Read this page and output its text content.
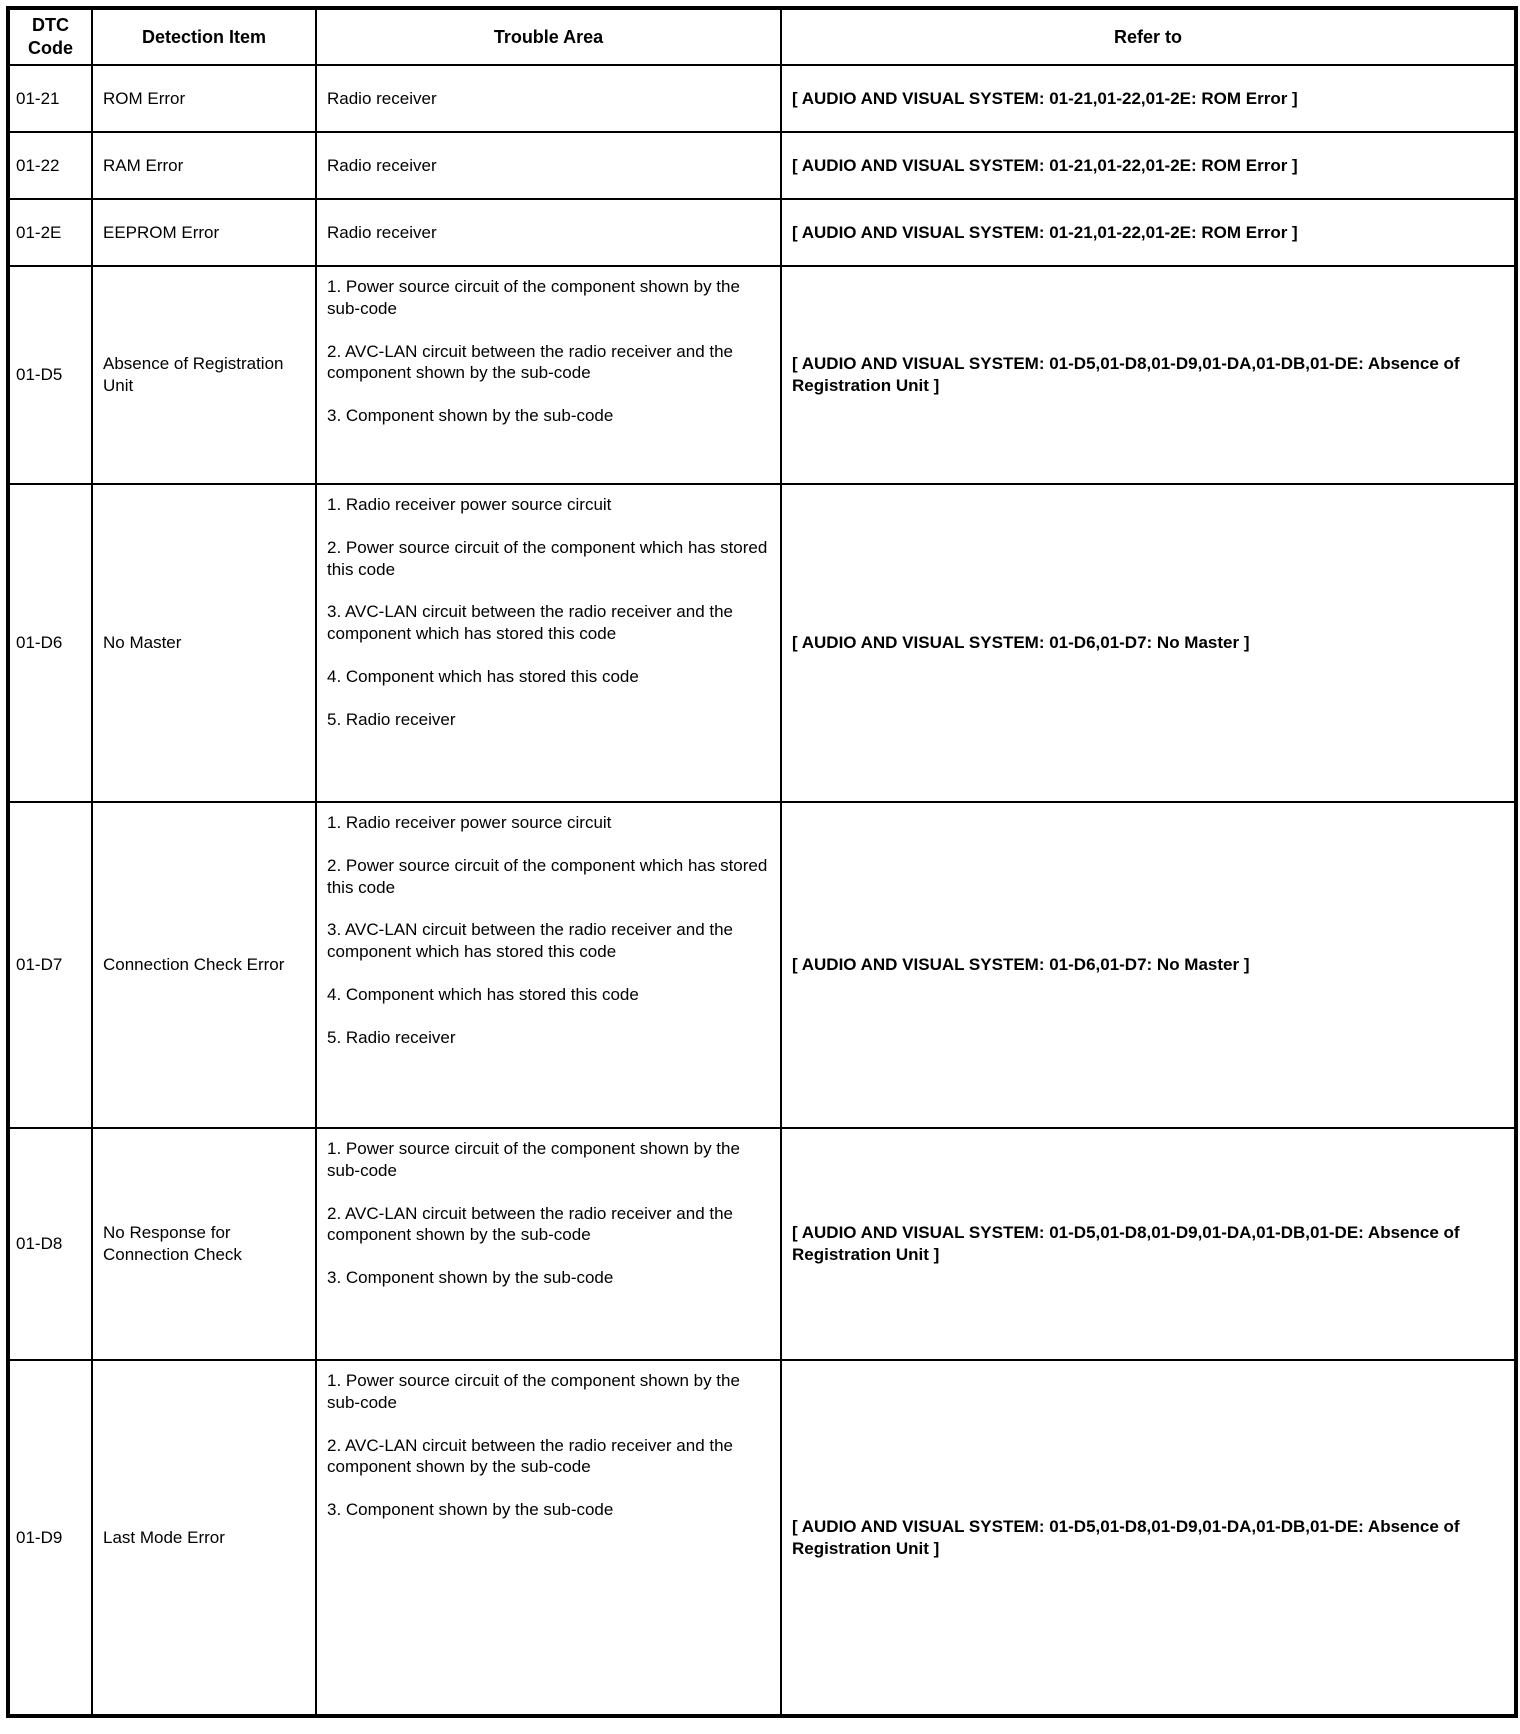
DTC Code	Detection Item	Trouble Area	Refer to
01-21	ROM Error	Radio receiver	[ AUDIO AND VISUAL SYSTEM: 01-21,01-22,01-2E: ROM Error ]
01-22	RAM Error	Radio receiver	[ AUDIO AND VISUAL SYSTEM: 01-21,01-22,01-2E: ROM Error ]
01-2E	EEPROM Error	Radio receiver	[ AUDIO AND VISUAL SYSTEM: 01-21,01-22,01-2E: ROM Error ]
01-D5	Absence of Registration Unit	1. Power source circuit of the component shown by the sub-code

2. AVC-LAN circuit between the radio receiver and the component shown by the sub-code

3. Component shown by the sub-code	[ AUDIO AND VISUAL SYSTEM: 01-D5,01-D8,01-D9,01-DA,01-DB,01-DE: Absence of Registration Unit ]
01-D6	No Master	1. Radio receiver power source circuit

2. Power source circuit of the component which has stored this code

3. AVC-LAN circuit between the radio receiver and the component which has stored this code

4. Component which has stored this code

5. Radio receiver	[ AUDIO AND VISUAL SYSTEM: 01-D6,01-D7: No Master ]
01-D7	Connection Check Error	1. Radio receiver power source circuit

2. Power source circuit of the component which has stored this code

3. AVC-LAN circuit between the radio receiver and the component which has stored this code

4. Component which has stored this code

5. Radio receiver	[ AUDIO AND VISUAL SYSTEM: 01-D6,01-D7: No Master ]
01-D8	No Response for Connection Check	1. Power source circuit of the component shown by the sub-code

2. AVC-LAN circuit between the radio receiver and the component shown by the sub-code

3. Component shown by the sub-code	[ AUDIO AND VISUAL SYSTEM: 01-D5,01-D8,01-D9,01-DA,01-DB,01-DE: Absence of Registration Unit ]
01-D9	Last Mode Error	1. Power source circuit of the component shown by the sub-code

2. AVC-LAN circuit between the radio receiver and the component shown by the sub-code

3. Component shown by the sub-code	[ AUDIO AND VISUAL SYSTEM: 01-D5,01-D8,01-D9,01-DA,01-DB,01-DE: Absence of Registration Unit ]
